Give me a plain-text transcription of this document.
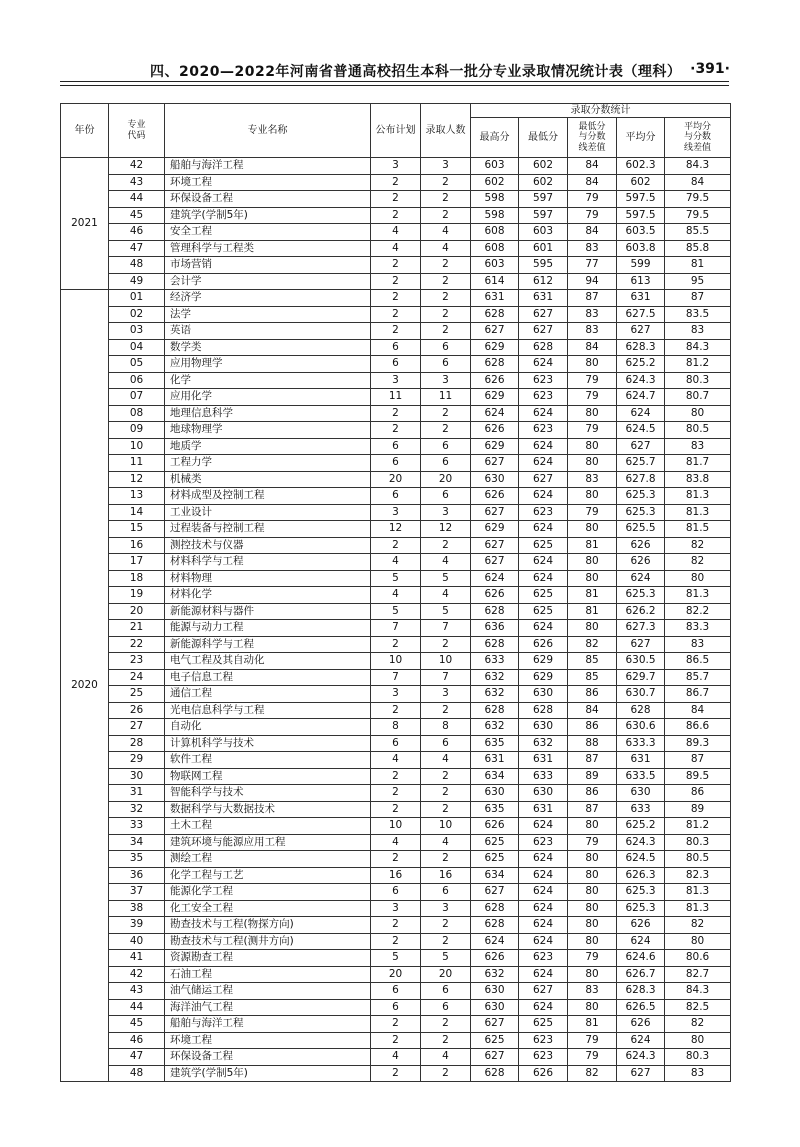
四、2020—2022年河南省普通高校招生本科一批分专业录取情况统计表（理科） ·391·
年份	专业代码	专业名称	公布计划	录取人数	录取分数统计				
					最高分	最低分	最低分与分数线差值	平均分	平均分与分数线差值

2021	42	船舶与海洋工程	3	3	603	602	84	602.3	84.3
	43	环境工程	2	2	602	602	84	602	84
	44	环保设备工程	2	2	598	597	79	597.5	79.5
	45	建筑学(学制5年)	2	2	598	597	79	597.5	79.5
	46	安全工程	4	4	608	603	84	603.5	85.5
	47	管理科学与工程类	4	4	608	601	83	603.8	85.8
	48	市场营销	2	2	603	595	77	599	81
	49	会计学	2	2	614	612	94	613	95
2020	01	经济学	2	2	631	631	87	631	87
	02	法学	2	2	628	627	83	627.5	83.5
	03	英语	2	2	627	627	83	627	83
	04	数学类	6	6	629	628	84	628.3	84.3
	05	应用物理学	6	6	628	624	80	625.2	81.2
	06	化学	3	3	626	623	79	624.3	80.3
	07	应用化学	11	11	629	623	79	624.7	80.7
	08	地理信息科学	2	2	624	624	80	624	80
	09	地球物理学	2	2	626	623	79	624.5	80.5
	10	地质学	6	6	629	624	80	627	83
	11	工程力学	6	6	627	624	80	625.7	81.7
	12	机械类	20	20	630	627	83	627.8	83.8
	13	材料成型及控制工程	6	6	626	624	80	625.3	81.3
	14	工业设计	3	3	627	623	79	625.3	81.3
	15	过程装备与控制工程	12	12	629	624	80	625.5	81.5
	16	测控技术与仪器	2	2	627	625	81	626	82
	17	材料科学与工程	4	4	627	624	80	626	82
	18	材料物理	5	5	624	624	80	624	80
	19	材料化学	4	4	626	625	81	625.3	81.3
	20	新能源材料与器件	5	5	628	625	81	626.2	82.2
	21	能源与动力工程	7	7	636	624	80	627.3	83.3
	22	新能源科学与工程	2	2	628	626	82	627	83
	23	电气工程及其自动化	10	10	633	629	85	630.5	86.5
	24	电子信息工程	7	7	632	629	85	629.7	85.7
	25	通信工程	3	3	632	630	86	630.7	86.7
	26	光电信息科学与工程	2	2	628	628	84	628	84
	27	自动化	8	8	632	630	86	630.6	86.6
	28	计算机科学与技术	6	6	635	632	88	633.3	89.3
	29	软件工程	4	4	631	631	87	631	87
	30	物联网工程	2	2	634	633	89	633.5	89.5
	31	智能科学与技术	2	2	630	630	86	630	86
	32	数据科学与大数据技术	2	2	635	631	87	633	89
	33	土木工程	10	10	626	624	80	625.2	81.2
	34	建筑环境与能源应用工程	4	4	625	623	79	624.3	80.3
	35	测绘工程	2	2	625	624	80	624.5	80.5
	36	化学工程与工艺	16	16	634	624	80	626.3	82.3
	37	能源化学工程	6	6	627	624	80	625.3	81.3
	38	化工安全工程	3	3	628	624	80	625.3	81.3
	39	勘查技术与工程(物探方向)	2	2	628	624	80	626	82
	40	勘查技术与工程(测井方向)	2	2	624	624	80	624	80
	41	资源勘查工程	5	5	626	623	79	624.6	80.6
	42	石油工程	20	20	632	624	80	626.7	82.7
	43	油气储运工程	6	6	630	627	83	628.3	84.3
	44	海洋油气工程	6	6	630	624	80	626.5	82.5
	45	船舶与海洋工程	2	2	627	625	81	626	82
	46	环境工程	2	2	625	623	79	624	80
	47	环保设备工程	4	4	627	623	79	624.3	80.3
	48	建筑学(学制5年)	2	2	628	626	82	627	83
